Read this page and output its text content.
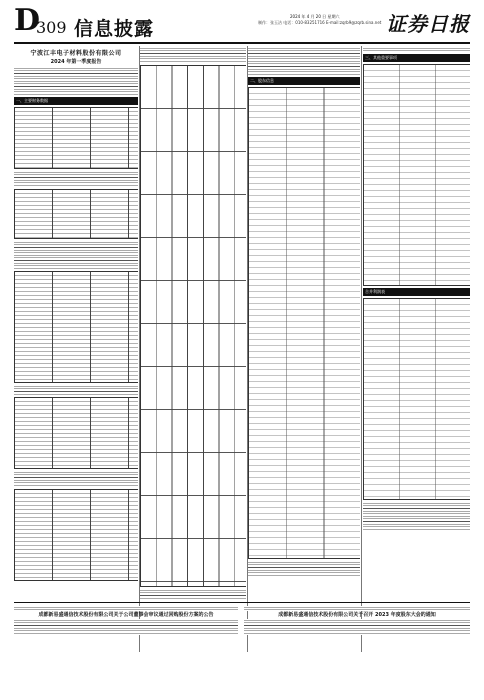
D
309 信息披露
2024 年 4 月 20 日 星期六
制作：张玉洁 电话：010-83251716 E-mail:zqrb9@zqrb.sina.net 证券日报
宁波江丰电子材料股份有限公司
2024 年第一季度报告
一、主要财务数据
二、股东信息
三、其他重要事项
合并利润表
成都新易盛通信技术股份有限公司关于公司董事会审议通过回购股份方案的公告	成都新易盛通信技术股份有限公司关于召开 2023 年度股东大会的通知
